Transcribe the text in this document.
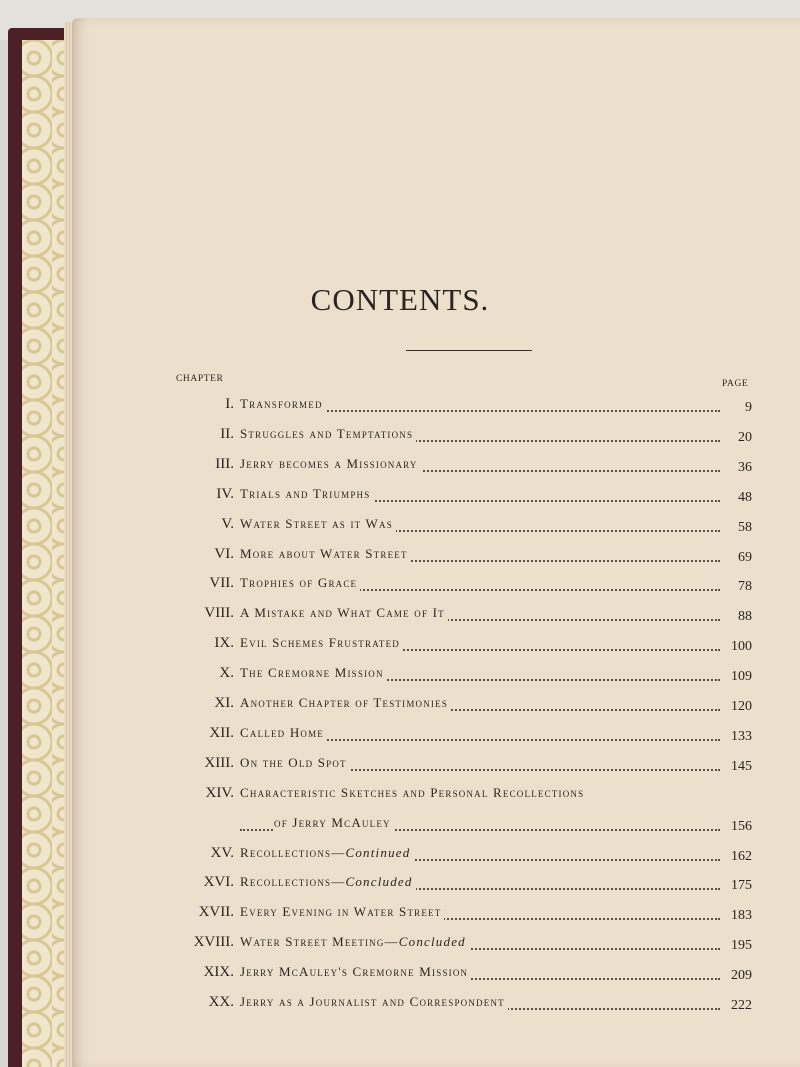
CONTENTS.
CHAPTER	PAGE
I. Transformed	9
II. Struggles and Temptations	20
III. Jerry becomes a Missionary	36
IV. Trials and Triumphs	48
V. Water Street as it Was	58
VI. More about Water Street	69
VII. Trophies of Grace	78
VIII. A Mistake and What Came of It	88
IX. Evil Schemes Frustrated	100
X. The Cremorne Mission	109
XI. Another Chapter of Testimonies	120
XII. Called Home	133
XIII. On the Old Spot	145
XIV. Characteristic Sketches and Personal Recollections
of Jerry McAuley	156
XV. Recollections—Continued	162
XVI. Recollections—Concluded	175
XVII. Every Evening in Water Street	183
XVIII. Water Street Meeting—Concluded	195
XIX. Jerry McAuley's Cremorne Mission	209
XX. Jerry as a Journalist and Correspondent	222
